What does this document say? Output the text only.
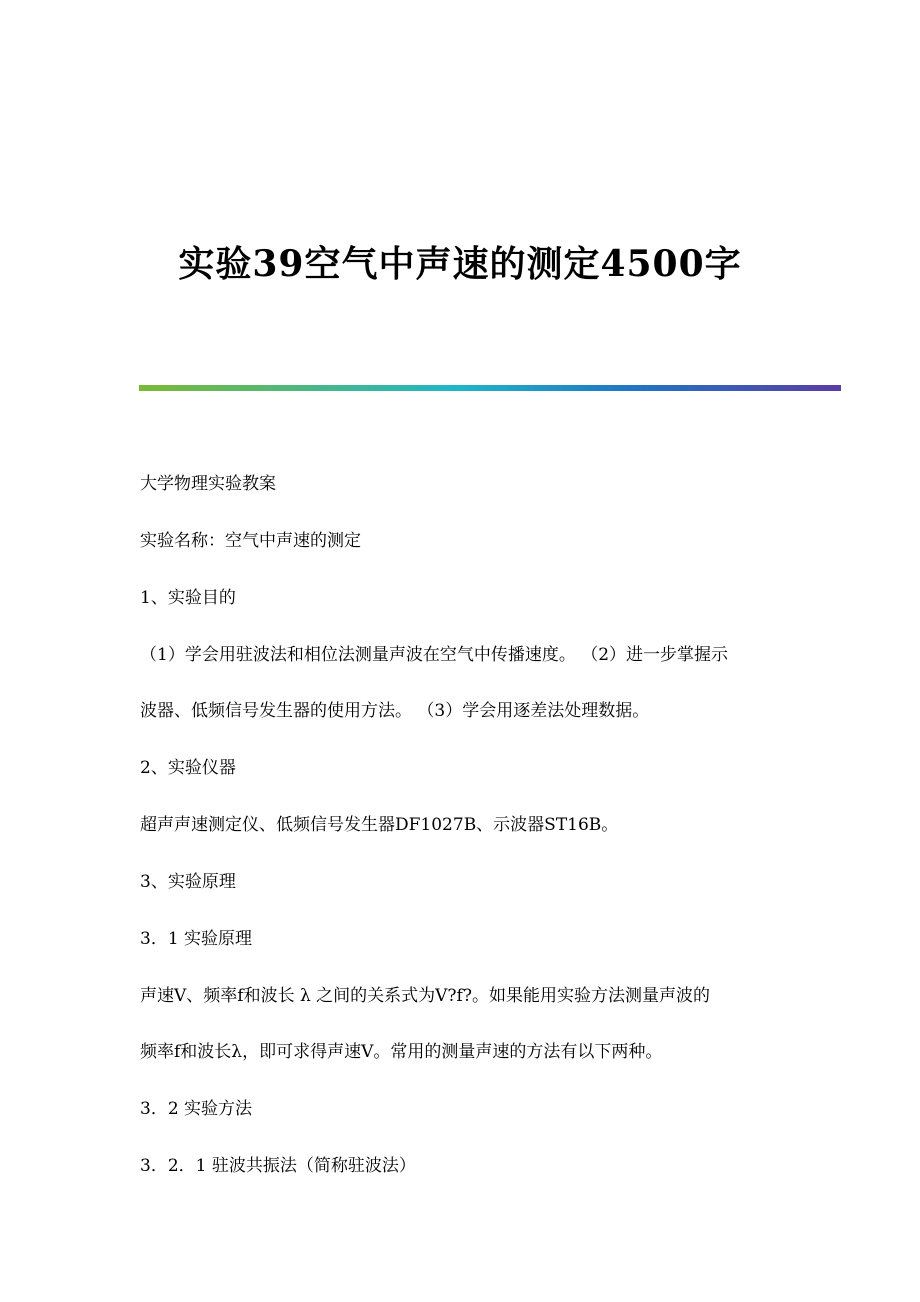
实验39空气中声速的测定4500字

大学物理实验教案

实验名称：空气中声速的测定

1、实验目的

（1）学会用驻波法和相位法测量声波在空气中传播速度。 （2）进一步掌握示
波器、低频信号发生器的使用方法。 （3）学会用逐差法处理数据。

2、实验仪器

超声声速测定仪、低频信号发生器DF1027B、示波器ST16B。

3、实验原理

3．1 实验原理

声速V、频率f和波长 λ 之间的关系式为V?f?。如果能用实验方法测量声波的
频率f和波长λ，即可求得声速V。常用的测量声速的方法有以下两种。

3．2 实验方法

3．2．1 驻波共振法（简称驻波法）
